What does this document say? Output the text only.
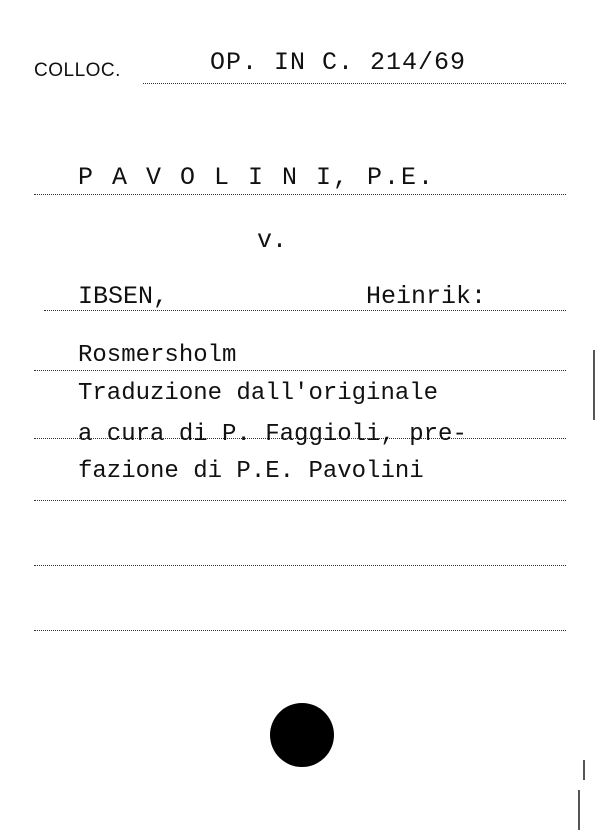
COLLOC.	OP. IN C. 214/69
P A V O L I N I, P.E.
v.
IBSEN,	Heinrik:
Rosmersholm
Traduzione dall'originale
a cura di P. Faggioli, pre-
fazione di P.E. Pavolini
